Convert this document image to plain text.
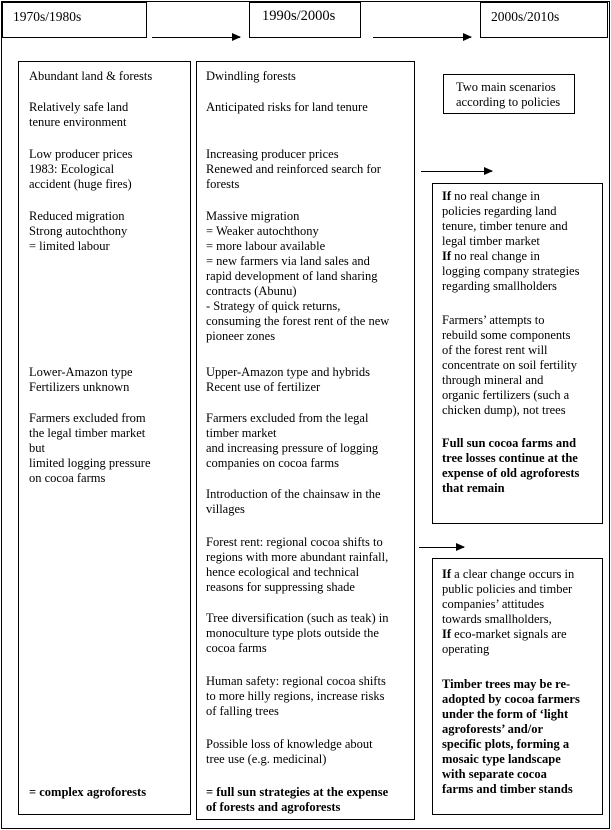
1970s/1980s	1990s/2000s	2000s/2010s
Abundant land & forests
Relatively safe land
tenure environment
Low producer prices
1983: Ecological
accident (huge fires)
Reduced migration
Strong autochthony
= limited labour
Lower-Amazon type
Fertilizers unknown
Farmers excluded from
the legal timber market
but
limited logging pressure
on cocoa farms
= complex agroforests
Dwindling forests
Anticipated risks for land tenure
Increasing producer prices
Renewed and reinforced search for
forests
Massive migration
= Weaker autochthony
= more labour available
= new farmers via land sales and
rapid development of land sharing
contracts (Abunu)
- Strategy of quick returns,
consuming the forest rent of the new
pioneer zones
Upper-Amazon type and hybrids
Recent use of fertilizer
Farmers excluded from the legal
timber market
and increasing pressure of logging
companies on cocoa farms
Introduction of the chainsaw in the
villages
Forest rent: regional cocoa shifts to
regions with more abundant rainfall,
hence ecological and technical
reasons for suppressing shade
Tree diversification (such as teak) in
monoculture type plots outside the
cocoa farms
Human safety: regional cocoa shifts
to more hilly regions, increase risks
of falling trees
Possible loss of knowledge about
tree use (e.g. medicinal)
= full sun strategies at the expense
of forests and agroforests
Two main scenarios
according to policies
If no real change in
policies regarding land
tenure, timber tenure and
legal timber market
If no real change in
logging company strategies
regarding smallholders
Farmers’ attempts to
rebuild some components
of the forest rent will
concentrate on soil fertility
through mineral and
organic fertilizers (such a
chicken dump), not trees
Full sun cocoa farms and
tree losses continue at the
expense of old agroforests
that remain
If a clear change occurs in
public policies and timber
companies’ attitudes
towards smallholders,
If eco-market signals are
operating
Timber trees may be re-
adopted by cocoa farmers
under the form of ‘light
agroforests’ and/or
specific plots, forming a
mosaic type landscape
with separate cocoa
farms and timber stands
